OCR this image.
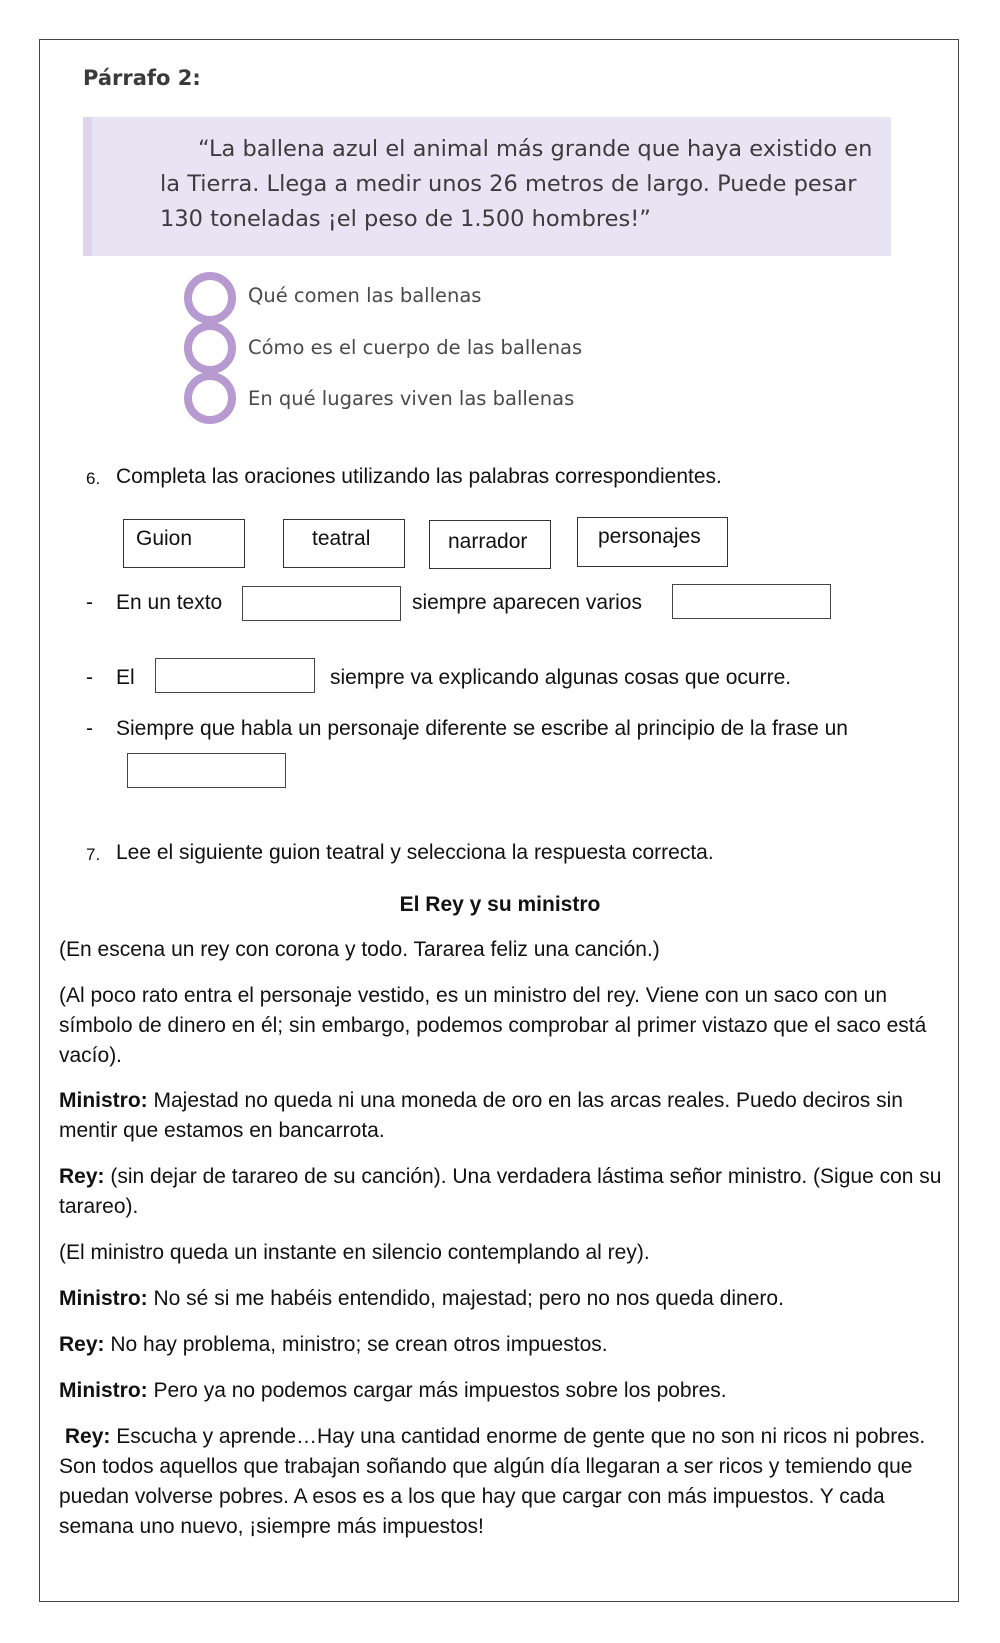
Párrafo 2:
“La ballena azul el animal más grande que haya existido en la Tierra. Llega a medir unos 26 metros de largo. Puede pesar 130 toneladas ¡el peso de 1.500 hombres!”
Qué comen las ballenas
Cómo es el cuerpo de las ballenas
En qué lugares viven las ballenas
6. Completa las oraciones utilizando las palabras correspondientes.
Guion	teatral	narrador	personajes
- En un texto	siempre aparecen varios
- El	siempre va explicando algunas cosas que ocurre.
- Siempre que habla un personaje diferente se escribe al principio de la frase un
7. Lee el siguiente guion teatral y selecciona la respuesta correcta.
El Rey y su ministro
(En escena un rey con corona y todo. Tararea feliz una canción.)
(Al poco rato entra el personaje vestido, es un ministro del rey. Viene con un saco con un símbolo de dinero en él; sin embargo, podemos comprobar al primer vistazo que el saco está vacío).
Ministro: Majestad no queda ni una moneda de oro en las arcas reales. Puedo deciros sin mentir que estamos en bancarrota.
Rey: (sin dejar de tarareo de su canción). Una verdadera lástima señor ministro. (Sigue con su tarareo).
(El ministro queda un instante en silencio contemplando al rey).
Ministro: No sé si me habéis entendido, majestad; pero no nos queda dinero.
Rey: No hay problema, ministro; se crean otros impuestos.
Ministro: Pero ya no podemos cargar más impuestos sobre los pobres.
Rey: Escucha y aprende…Hay una cantidad enorme de gente que no son ni ricos ni pobres. Son todos aquellos que trabajan soñando que algún día llegaran a ser ricos y temiendo que puedan volverse pobres. A esos es a los que hay que cargar con más impuestos. Y cada semana uno nuevo, ¡siempre más impuestos!
